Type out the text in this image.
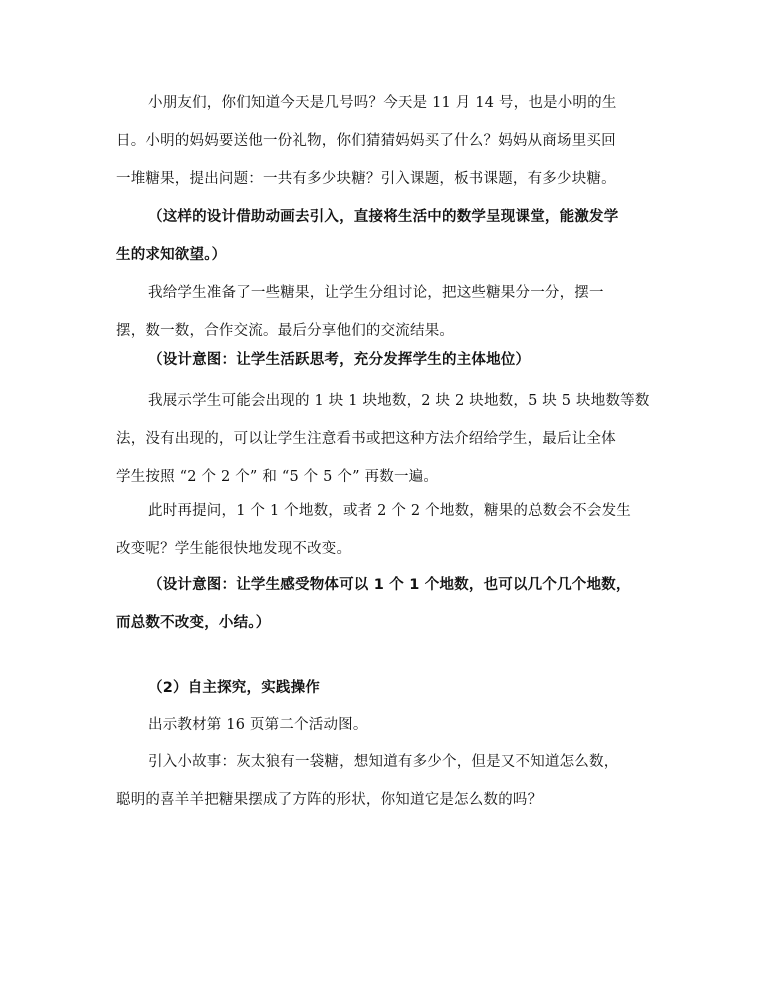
小朋友们，你们知道今天是几号吗？今天是 11 月 14 号，也是小明的生
日。小明的妈妈要送他一份礼物，你们猜猜妈妈买了什么？妈妈从商场里买回
一堆糖果，提出问题：一共有多少块糖？引入课题，板书课题，有多少块糖。
（这样的设计借助动画去引入，直接将生活中的数学呈现课堂，能激发学
生的求知欲望。）
我给学生准备了一些糖果，让学生分组讨论，把这些糖果分一分，摆一
摆，数一数，合作交流。最后分享他们的交流结果。
（设计意图：让学生活跃思考，充分发挥学生的主体地位）
我展示学生可能会出现的 1 块 1 块地数，2 块 2 块地数，5 块 5 块地数等数
法，没有出现的，可以让学生注意看书或把这种方法介绍给学生，最后让全体
学生按照 “2 个 2 个” 和 “5 个 5 个” 再数一遍。
此时再提问，1 个 1 个地数，或者 2 个 2 个地数，糖果的总数会不会发生
改变呢？学生能很快地发现不改变。
（设计意图：让学生感受物体可以 1 个 1 个地数，也可以几个几个地数，
而总数不改变，小结。）
（2）自主探究，实践操作
出示教材第 16 页第二个活动图。
引入小故事：灰太狼有一袋糖，想知道有多少个，但是又不知道怎么数，
聪明的喜羊羊把糖果摆成了方阵的形状，你知道它是怎么数的吗？
